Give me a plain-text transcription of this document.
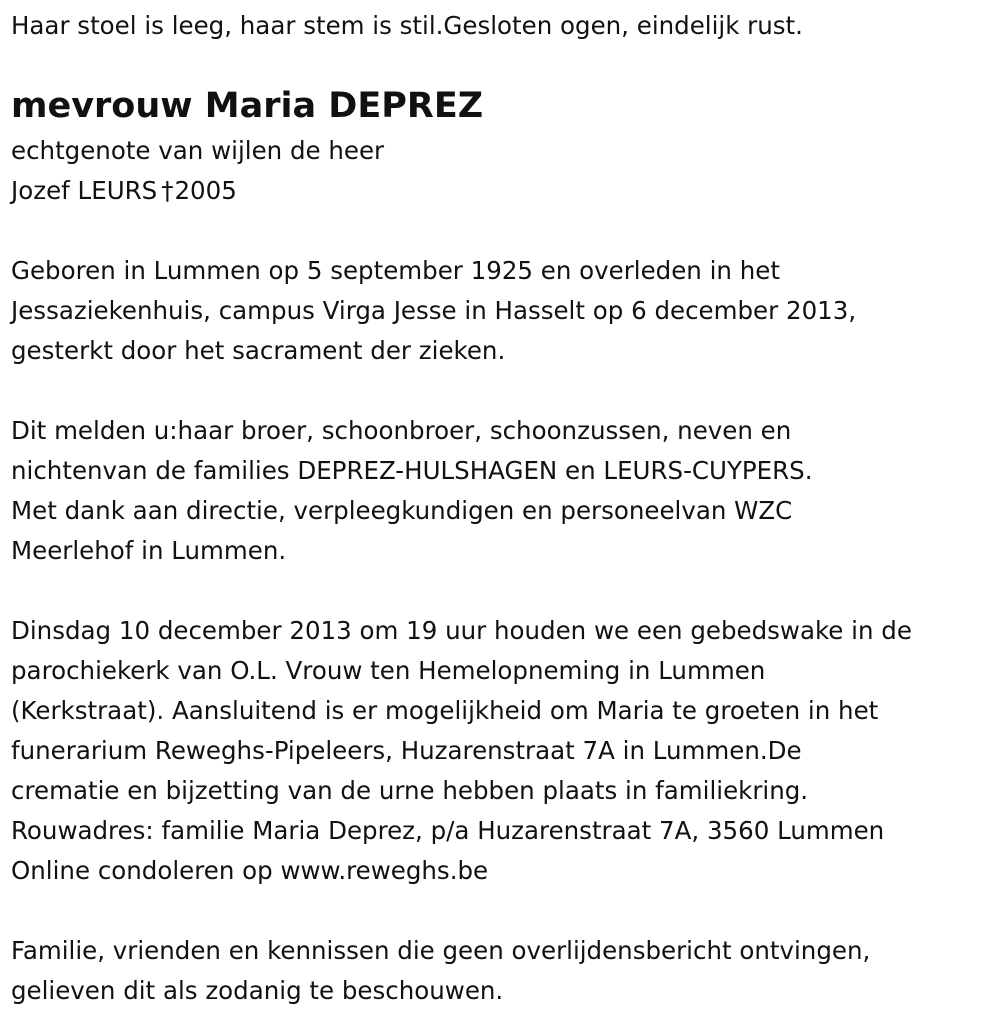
Haar stoel is leeg, haar stem is stil.Gesloten ogen, eindelijk rust.
mevrouw Maria DEPREZ
echtgenote van wijlen de heer
Jozef LEURS †2005
Geboren in Lummen op 5 september 1925 en overleden in het
Jessaziekenhuis, campus Virga Jesse in Hasselt op 6 december 2013,
gesterkt door het sacrament der zieken.
Dit melden u:haar broer, schoonbroer, schoonzussen, neven en
nichtenvan de families DEPREZ-HULSHAGEN en LEURS-CUYPERS.
Met dank aan directie, verpleegkundigen en personeelvan WZC
Meerlehof in Lummen.
Dinsdag 10 december 2013 om 19 uur houden we een gebedswake in de
parochiekerk van O.L. Vrouw ten Hemelopneming in Lummen
(Kerkstraat). Aansluitend is er mogelijkheid om Maria te groeten in het
funerarium Reweghs-Pipeleers, Huzarenstraat 7A in Lummen.De
crematie en bijzetting van de urne hebben plaats in familiekring.
Rouwadres: familie Maria Deprez, p/a Huzarenstraat 7A, 3560 Lummen
Online condoleren op www.reweghs.be
Familie, vrienden en kennissen die geen overlijdensbericht ontvingen,
gelieven dit als zodanig te beschouwen.
